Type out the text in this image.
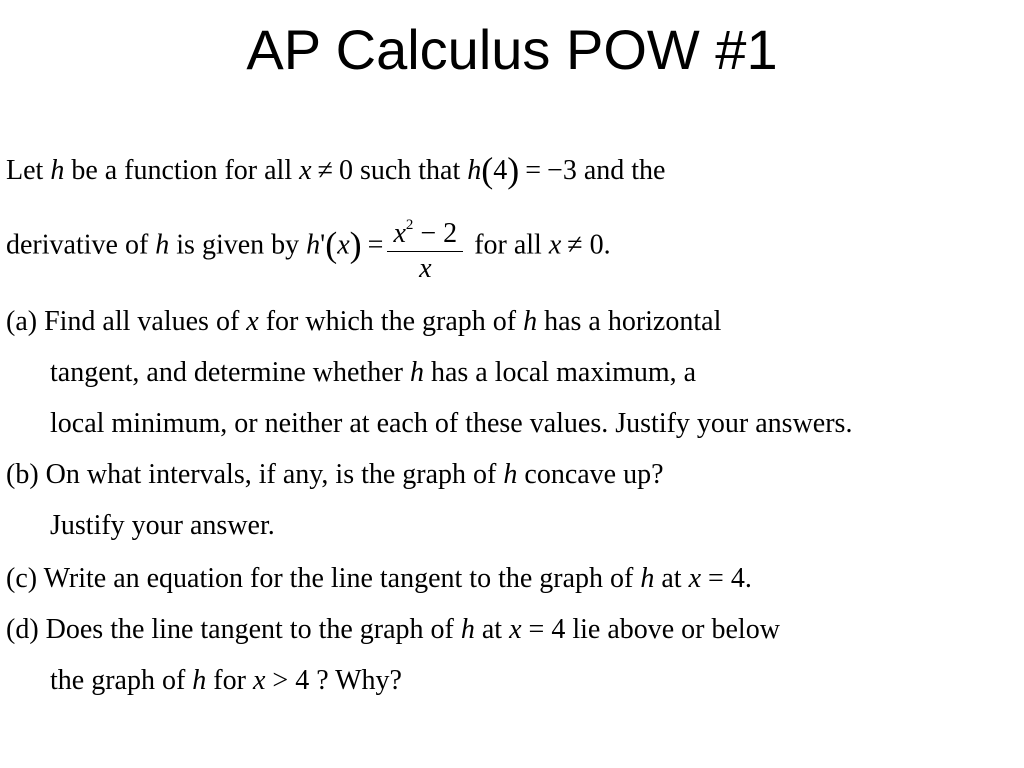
AP Calculus POW #1
Let h be a function for all x ≠ 0 such that h(4) = −3 and the
derivative of h is given by $h'(x) = \frac{x^2 - 2}{x}$ for all x ≠ 0.
(a) Find all values of x for which the graph of h has a horizontal
tangent, and determine whether h has a local maximum, a
local minimum, or neither at each of these values. Justify your answers.
(b) On what intervals, if any, is the graph of h concave up?
Justify your answer.
(c) Write an equation for the line tangent to the graph of h at x = 4.
(d) Does the line tangent to the graph of h at x = 4 lie above or below
the graph of h for x > 4 ? Why?
